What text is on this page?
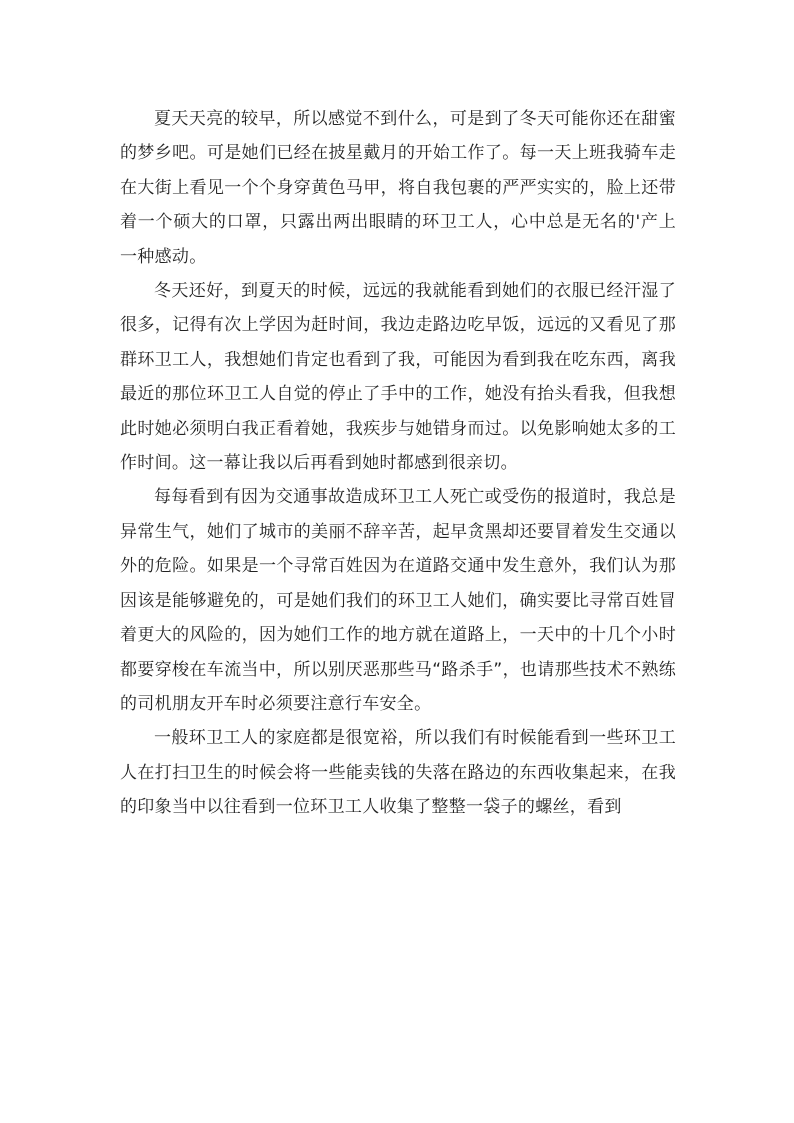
夏天天亮的较早，所以感觉不到什么，可是到了冬天可能你还在甜蜜的梦乡吧。可是她们已经在披星戴月的开始工作了。每一天上班我骑车走在大街上看见一个个身穿黄色马甲，将自我包裹的严严实实的，脸上还带着一个硕大的口罩，只露出两出眼睛的环卫工人，心中总是无名的'产上一种感动。

冬天还好，到夏天的时候，远远的我就能看到她们的衣服已经汗湿了很多，记得有次上学因为赶时间，我边走路边吃早饭，远远的又看见了那群环卫工人，我想她们肯定也看到了我，可能因为看到我在吃东西，离我最近的那位环卫工人自觉的停止了手中的工作，她没有抬头看我，但我想此时她必须明白我正看着她，我疾步与她错身而过。以免影响她太多的工作时间。这一幕让我以后再看到她时都感到很亲切。

每每看到有因为交通事故造成环卫工人死亡或受伤的报道时，我总是异常生气，她们了城市的美丽不辞辛苦，起早贪黑却还要冒着发生交通以外的危险。如果是一个寻常百姓因为在道路交通中发生意外，我们认为那因该是能够避免的，可是她们我们的环卫工人她们，确实要比寻常百姓冒着更大的风险的，因为她们工作的地方就在道路上，一天中的十几个小时都要穿梭在车流当中，所以别厌恶那些马“路杀手”，也请那些技术不熟练的司机朋友开车时必须要注意行车安全。

一般环卫工人的家庭都是很宽裕，所以我们有时候能看到一些环卫工人在打扫卫生的时候会将一些能卖钱的失落在路边的东西收集起来，在我的印象当中以往看到一位环卫工人收集了整整一袋子的螺丝，看到
